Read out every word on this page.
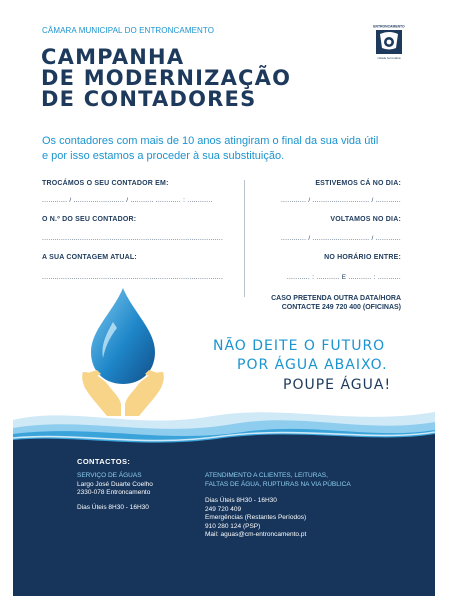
CÂMARA MUNICIPAL DO ENTRONCAMENTO	ENTRONCAMENTO
cidade ferroviária
CAMPANHA
DE MODERNIZAÇÃO
DE CONTADORES
Os contadores com mais de 10 anos atingiram o final da sua vida útil
e por isso estamos a proceder à sua substituição.
TROCÁMOS O SEU CONTADOR EM:
............ / ........................ / ........... ............ : ............
O N.º DO SEU CONTADOR:
......................................................................................
A SUA CONTAGEM ATUAL:
......................................................................................
ESTIVEMOS CÁ NO DIA:
............ / ........................... / ............
VOLTAMOS NO DIA:
............ / ........................... / ............
NO HORÁRIO ENTRE:
........... : ........... E ........... : ...........
CASO PRETENDA OUTRA DATA/HORA
CONTACTE 249 720 400 (OFICINAS)
NÃO DEITE O FUTURO
POR ÁGUA ABAIXO.
POUPE ÁGUA!
CONTACTOS:
SERVIÇO DE ÁGUAS
Largo José Duarte Coelho
2330-078 Entroncamento
Dias Úteis 8H30 - 16H30
ATENDIMENTO A CLIENTES, LEITURAS,
FALTAS DE ÁGUA, RUPTURAS NA VIA PÚBLICA
Dias Úteis 8H30 - 16H30
249 720 409
Emergências (Restantes Períodos)
910 280 124 (PSP)
Mail: aguas@cm-entroncamento.pt
